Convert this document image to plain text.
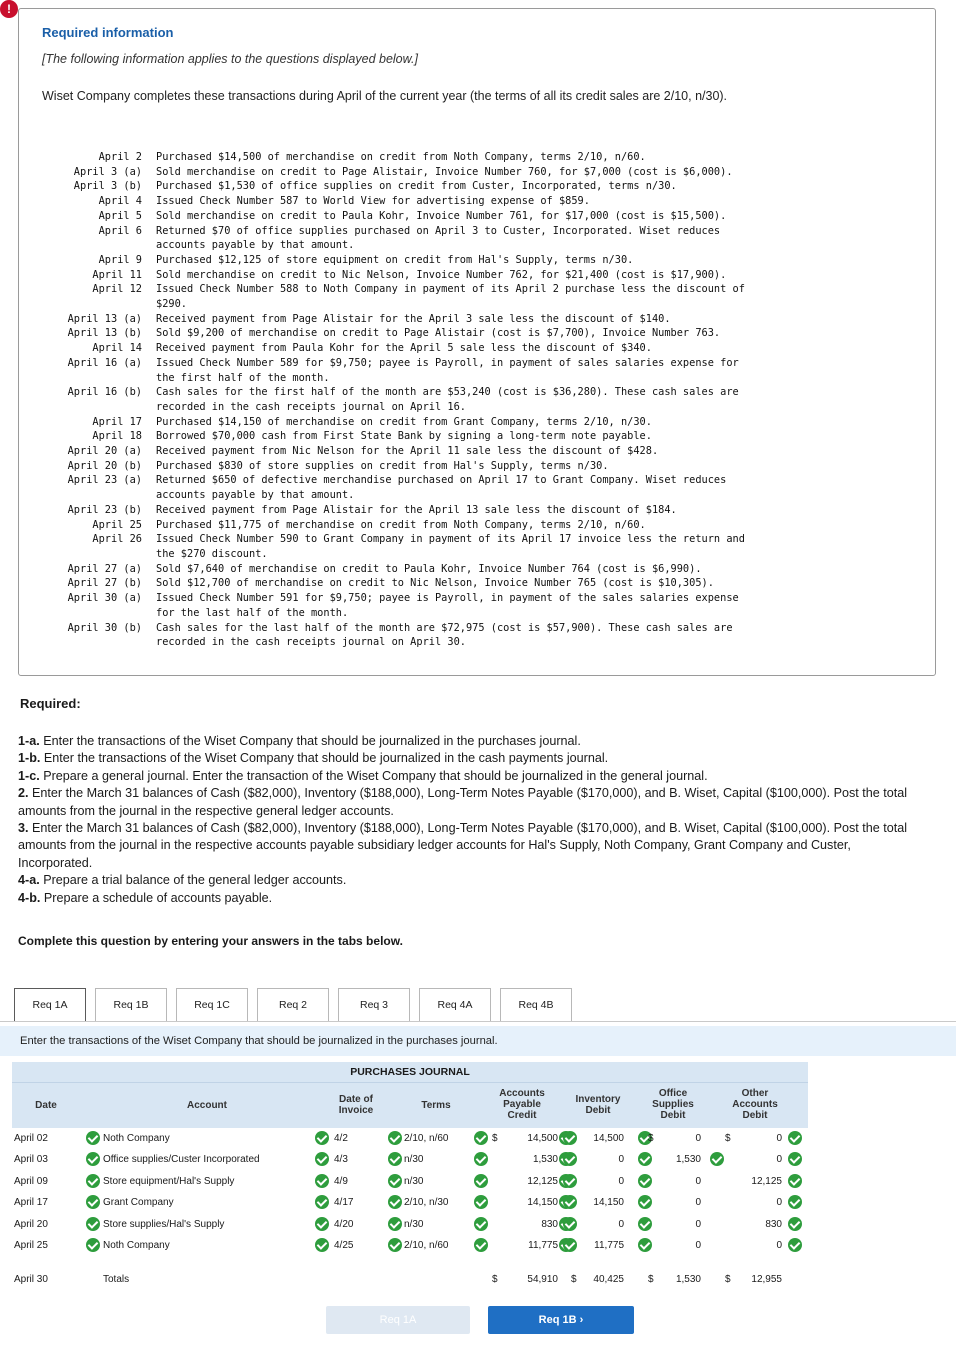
!
Required information
[The following information applies to the questions displayed below.]
Wiset Company completes these transactions during April of the current year (the terms of all its credit sales are 2/10, n/30).
April 2 Purchased $14,500 of merchandise on credit from Noth Company, terms 2/10, n/60.
April 3 (a) Sold merchandise on credit to Page Alistair, Invoice Number 760, for $7,000 (cost is $6,000).
April 3 (b) Purchased $1,530 of office supplies on credit from Custer, Incorporated, terms n/30.
April 4 Issued Check Number 587 to World View for advertising expense of $859.
April 5 Sold merchandise on credit to Paula Kohr, Invoice Number 761, for $17,000 (cost is $15,500).
April 6 Returned $70 of office supplies purchased on April 3 to Custer, Incorporated. Wiset reduces
accounts payable by that amount.
April 9 Purchased $12,125 of store equipment on credit from Hal's Supply, terms n/30.
April 11 Sold merchandise on credit to Nic Nelson, Invoice Number 762, for $21,400 (cost is $17,900).
April 12 Issued Check Number 588 to Noth Company in payment of its April 2 purchase less the discount of
$290.
April 13 (a) Received payment from Page Alistair for the April 3 sale less the discount of $140.
April 13 (b) Sold $9,200 of merchandise on credit to Page Alistair (cost is $7,700), Invoice Number 763.
April 14 Received payment from Paula Kohr for the April 5 sale less the discount of $340.
April 16 (a) Issued Check Number 589 for $9,750; payee is Payroll, in payment of sales salaries expense for
the first half of the month.
April 16 (b) Cash sales for the first half of the month are $53,240 (cost is $36,280). These cash sales are
recorded in the cash receipts journal on April 16.
April 17 Purchased $14,150 of merchandise on credit from Grant Company, terms 2/10, n/30.
April 18 Borrowed $70,000 cash from First State Bank by signing a long-term note payable.
April 20 (a) Received payment from Nic Nelson for the April 11 sale less the discount of $428.
April 20 (b) Purchased $830 of store supplies on credit from Hal's Supply, terms n/30.
April 23 (a) Returned $650 of defective merchandise purchased on April 17 to Grant Company. Wiset reduces
accounts payable by that amount.
April 23 (b) Received payment from Page Alistair for the April 13 sale less the discount of $184.
April 25 Purchased $11,775 of merchandise on credit from Noth Company, terms 2/10, n/60.
April 26 Issued Check Number 590 to Grant Company in payment of its April 17 invoice less the return and
the $270 discount.
April 27 (a) Sold $7,640 of merchandise on credit to Paula Kohr, Invoice Number 764 (cost is $6,990).
April 27 (b) Sold $12,700 of merchandise on credit to Nic Nelson, Invoice Number 765 (cost is $10,305).
April 30 (a) Issued Check Number 591 for $9,750; payee is Payroll, in payment of the sales salaries expense
for the last half of the month.
April 30 (b) Cash sales for the last half of the month are $72,975 (cost is $57,900). These cash sales are
recorded in the cash receipts journal on April 30.
Required:
1-a. Enter the transactions of the Wiset Company that should be journalized in the purchases journal.
1-b. Enter the transactions of the Wiset Company that should be journalized in the cash payments journal.
1-c. Prepare a general journal. Enter the transaction of the Wiset Company that should be journalized in the general journal.
2. Enter the March 31 balances of Cash ($82,000), Inventory ($188,000), Long-Term Notes Payable ($170,000), and B. Wiset, Capital ($100,000). Post the total amounts from the journal in the respective general ledger accounts.
3. Enter the March 31 balances of Cash ($82,000), Inventory ($188,000), Long-Term Notes Payable ($170,000), and B. Wiset, Capital ($100,000). Post the total amounts from the journal in the respective accounts payable subsidiary ledger accounts for Hal's Supply, Noth Company, Grant Company and Custer, Incorporated.
4-a. Prepare a trial balance of the general ledger accounts.
4-b. Prepare a schedule of accounts payable.
Complete this question by entering your answers in the tabs below.
Req 1A	Req 1B	Req 1C	Req 2	Req 3	Req 4A	Req 4B
Enter the transactions of the Wiset Company that should be journalized in the purchases journal.
PURCHASES JOURNAL
Date	Account
Date of Invoice	Terms
Accounts Payable Credit
Inventory Debit
Office Supplies Debit
Other Accounts Debit
April 02	Noth Company	4/2	2/10, n/60	$	14,500	14,500 $	0 $	0
April 03	Office supplies/Custer Incorporated	4/3	n/30	1,530	0	1,530	0
April 09	Store equipment/Hal's Supply	4/9	n/30	12,125	0	0	12,125
April 17	Grant Company	4/17	2/10, n/30	14,150	14,150	0	0
April 20	Store supplies/Hal's Supply	4/20	n/30	830	0	0	830
April 25	Noth Company	4/25	2/10, n/60	11,775	11,775	0	0
April 30	Totals	$	54,910 $ 40,425 $ 1,530 $ 12,955
Req 1A	Req 1B ›
